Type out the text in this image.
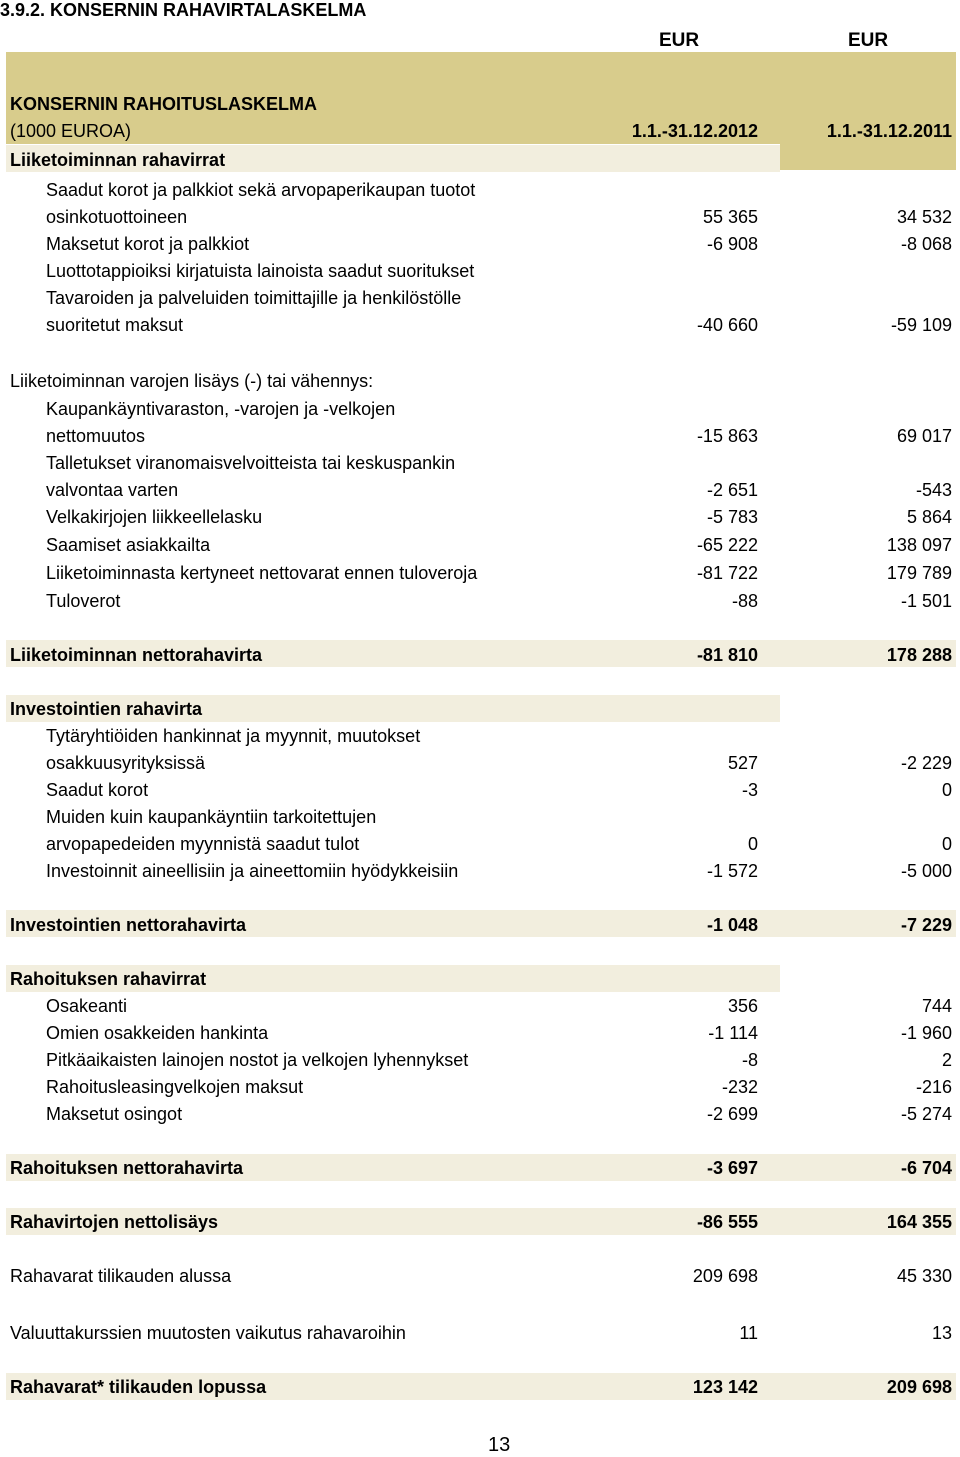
3.9.2. KONSERNIN RAHAVIRTALASKELMA
EUR	EUR
KONSERNIN RAHOITUSLASKELMA
(1000 EUROA)	1.1.-31.12.2012	1.1.-31.12.2011
Liiketoiminnan rahavirrat
Saadut korot ja palkkiot sekä arvopaperikaupan tuotot
osinkotuottoineen	55 365	34 532
Maksetut korot ja palkkiot	-6 908	-8 068
Luottotappioiksi kirjatuista lainoista saadut suoritukset
Tavaroiden ja palveluiden toimittajille ja henkilöstölle
suoritetut maksut	-40 660	-59 109
Liiketoiminnan varojen lisäys (-) tai vähennys:
Kaupankäyntivaraston, -varojen ja -velkojen
nettomuutos	-15 863	69 017
Talletukset viranomaisvelvoitteista tai keskuspankin
valvontaa varten	-2 651	-543
Velkakirjojen liikkeellelasku	-5 783	5 864
Saamiset asiakkailta	-65 222	138 097
Liiketoiminnasta kertyneet nettovarat ennen tuloveroja	-81 722	179 789
Tuloverot	-88	-1 501
Liiketoiminnan nettorahavirta	-81 810	178 288
Investointien rahavirta
Tytäryhtiöiden hankinnat ja myynnit, muutokset
osakkuusyrityksissä	527	-2 229
Saadut korot	-3	0
Muiden kuin kaupankäyntiin tarkoitettujen
arvopapedeiden myynnistä saadut tulot	0	0
Investoinnit aineellisiin ja aineettomiin hyödykkeisiin	-1 572	-5 000
Investointien nettorahavirta	-1 048	-7 229
Rahoituksen rahavirrat
Osakeanti	356	744
Omien osakkeiden hankinta	-1 114	-1 960
Pitkäaikaisten lainojen nostot ja velkojen lyhennykset	-8	2
Rahoitusleasingvelkojen maksut	-232	-216
Maksetut osingot	-2 699	-5 274
Rahoituksen nettorahavirta	-3 697	-6 704
Rahavirtojen nettolisäys	-86 555	164 355
Rahavarat tilikauden alussa	209 698	45 330
Valuuttakurssien muutosten vaikutus rahavaroihin	11	13
Rahavarat* tilikauden lopussa	123 142	209 698
13
